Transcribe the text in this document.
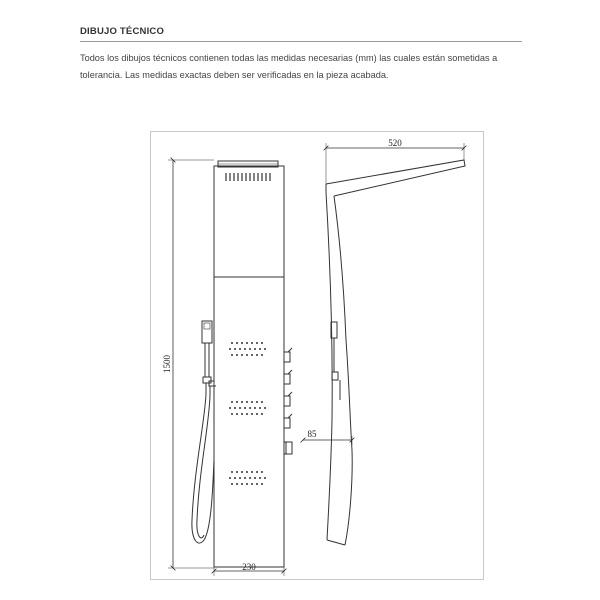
DIBUJO TÉCNICO
Todos los dibujos técnicos contienen todas las medidas necesarias (mm) las cuales están sometidas a tolerancia. Las medidas exactas deben ser verificadas en la pieza acabada.
1500
230
520
85
